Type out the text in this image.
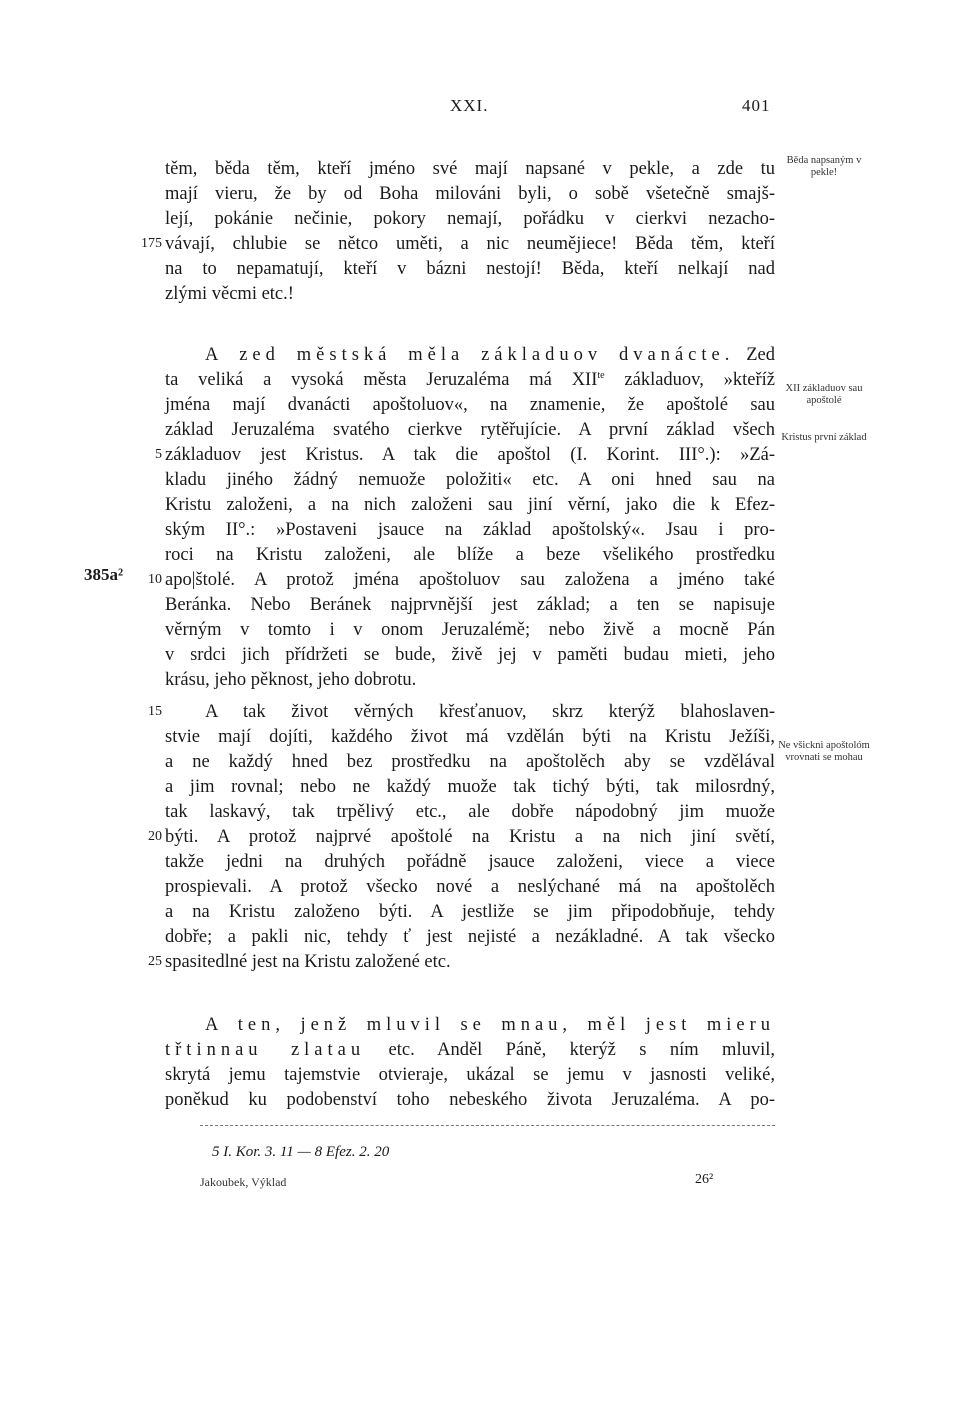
XXI.	401
těm, běda těm, kteří jméno své mají napsané v pekle, a zde tu
mají vieru, že by od Boha milováni byli, o sobě všetečně smajš-
lejí, pokánie nečinie, pokory nemají, pořádku v cierkvi nezacho-
175 vávají, chlubie se nětco uměti, a nic neumějiece! Běda těm, kteří
na to nepamatují, kteří v bázni nestojí! Běda, kteří nelkají nad
zlými věcmi etc.!
Běda napsaným v pekle!
A zed městská měla základuov dvanácte. Zed
ta veliká a vysoká města Jeruzaléma má $XII^{te}$ základuov, »kteříž
jména mají dvanácti apoštoluov«, na znamenie, že apoštolé sau
základ Jeruzaléma svatého cierkve rytěřujície. A první základ všech
5 základuov jest Kristus. A tak die apoštol (I. Korint. III°.): »Zá-
kladu jiného žádný nemuože položiti« etc. A oni hned sau na
Kristu založeni, a na nich založeni sau jiní věrní, jako die k Efez-
ským II°.: »Postaveni jsauce na základ apoštolský«. Jsau i pro-
roci na Kristu založeni, ale blíže a beze všelikého prostředku
385a²	10 apo|štolé. A protož jména apoštoluov sau založena a jméno také
Beránka. Nebo Beránek najprvnější jest základ; a ten se napisuje
věrným v tomto i v onom Jeruzalémě; nebo živě a mocně Pán
v srdci jich přídržeti se bude, živě jej v paměti budau mieti, jeho
krásu, jeho pěknost, jeho dobrotu.
XII základuov sau apoštolé
Kristus první základ
15 A tak život věrných křesťanuov, skrz kterýž blahoslaven-
stvie mají dojíti, každého život má vzdělán býti na Kristu Ježíši,
a ne každý hned bez prostředku na apoštolěch aby se vzdělával
a jim rovnal; nebo ne každý muože tak tichý býti, tak milosrdný,
tak laskavý, tak trpělivý etc., ale dobře nápodobný jim muože
20 býti. A protož najprvé apoštolé na Kristu a na nich jiní světí,
takže jedni na druhých pořádně jsauce založeni, viece a viece
prospievali. A protož všecko nové a neslýchané má na apoštolěch
a na Kristu založeno býti. A jestliže se jim připodobňuje, tehdy
dobře; a pakli nic, tehdy ť jest nejisté a nezákladné. A tak všecko
25 spasitedlné jest na Kristu založené etc.
Ne všickni apoštolóm vrovnati se mohau
A ten, jenž mluvil se mnau, měl jest mieru
třtinnau zlatau etc. Anděl Páně, kterýž s ním mluvil,
skrytá jemu tajemstvie otvieraje, ukázal se jemu v jasnosti veliké,
poněkud ku podobenství toho nebeského života Jeruzaléma. A po-
5 I. Kor. 3. 11 — 8 Efez. 2. 20
Jakoubek, Výklad	26²
